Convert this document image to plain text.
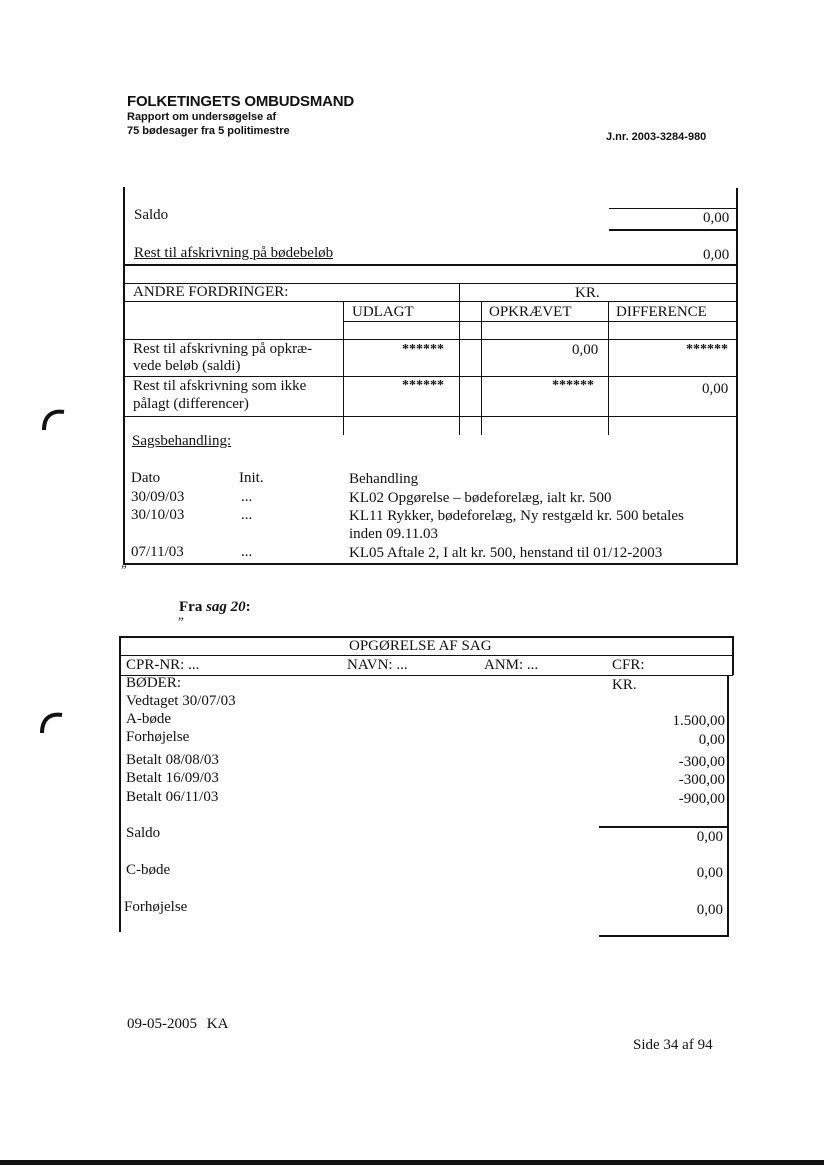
FOLKETINGETS OMBUDSMAND
Rapport om undersøgelse af
75 bødesager fra 5 politimestre	J.nr. 2003-3284-980
Saldo	0,00
Rest til afskrivning på bødebeløb	0,00
ANDRE FORDRINGER:	KR.
UDLAGT	OPKRÆVET	DIFFERENCE
Rest til afskrivning på opkræ-
vede beløb (saldi)
******	0,00	******
Rest til afskrivning som ikke
pålagt (differencer)
******	******	0,00
Sagsbehandling:
Dato	Init.	Behandling
30/09/03	...	KL02 Opgørelse – bødeforelæg, ialt kr. 500
30/10/03	...	KL11 Rykker, bødeforelæg, Ny restgæld kr. 500 betales
inden 09.11.03
07/11/03	...	KL05 Aftale 2, I alt kr. 500, henstand til 01/12-2003
”
Fra sag 20:
”
OPGØRELSE AF SAG
CPR-NR: ...	NAVN: ...	ANM: ...	CFR:
BØDER:	KR.
Vedtaget 30/07/03
A-bøde	1.500,00
Forhøjelse	0,00
Betalt 08/08/03	-300,00
Betalt 16/09/03	-300,00
Betalt 06/11/03	-900,00
Saldo	0,00
C-bøde	0,00
Forhøjelse	0,00
09-05-2005 KA
Side 34 af 94
